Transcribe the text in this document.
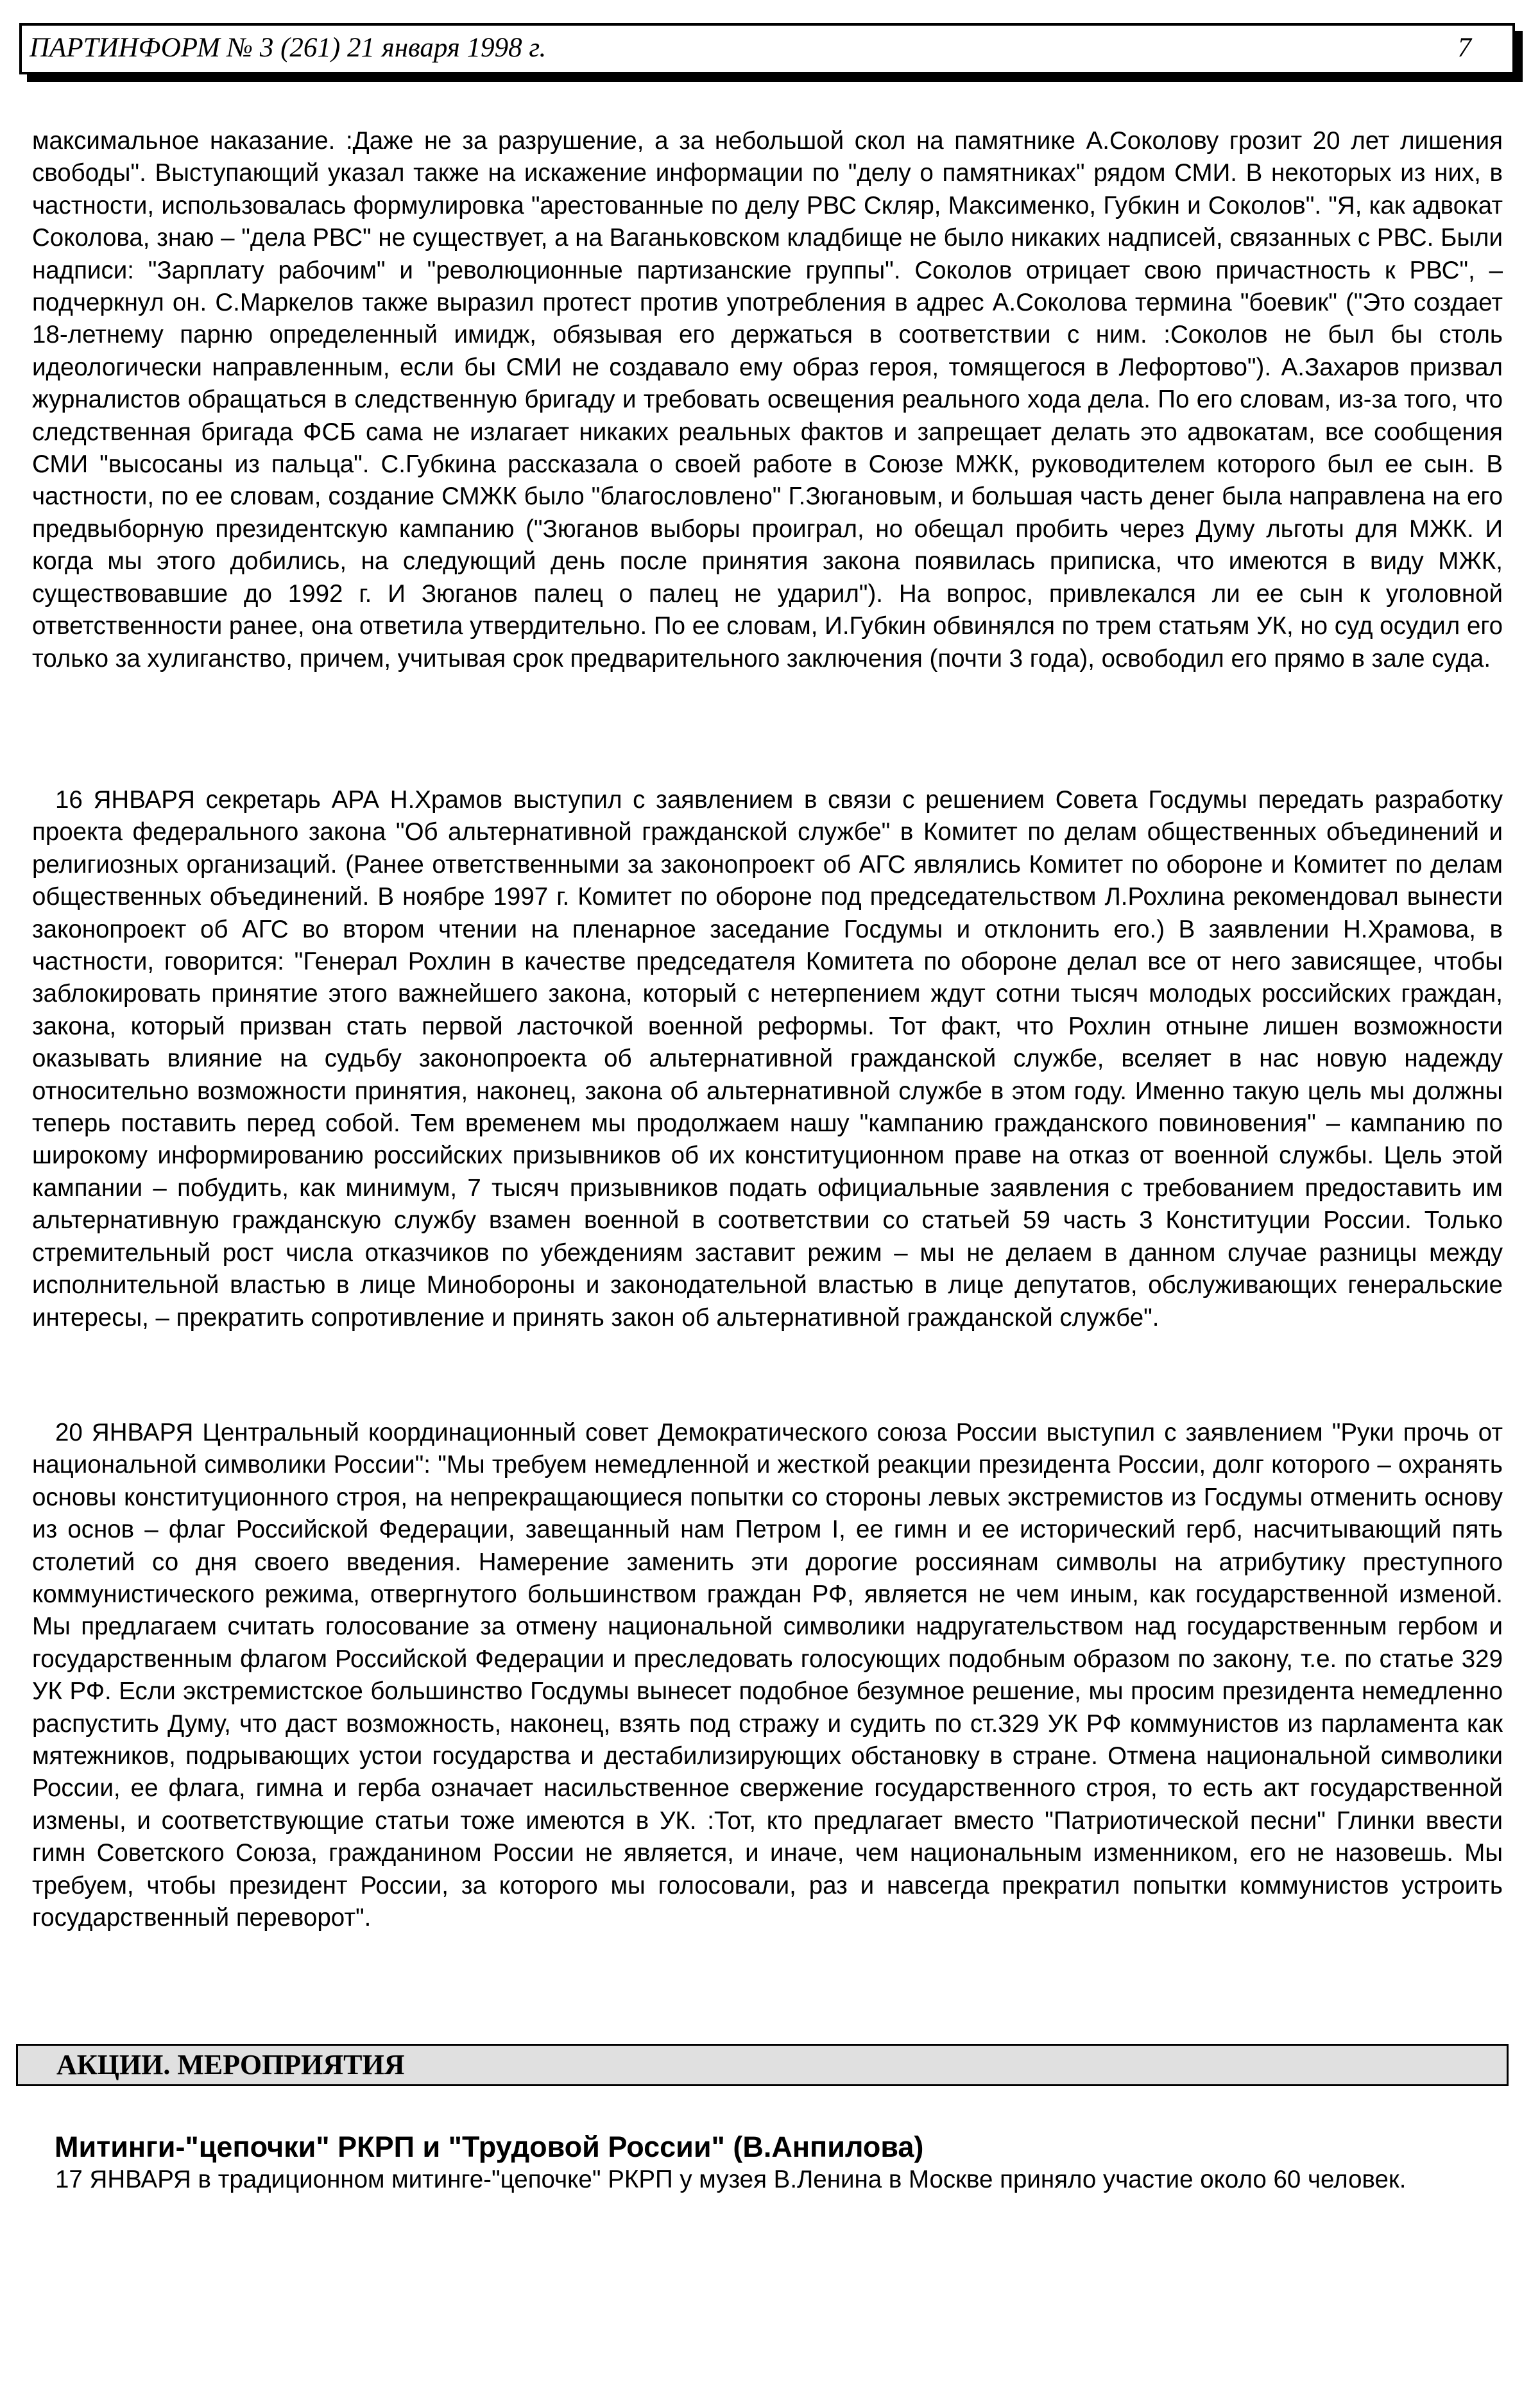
ПАРТИНФОРМ № 3 (261) 21 января 1998 г.	7

максимальное наказание. :Даже не за разрушение, а за небольшой скол на памятнике А.Соколову грозит 20 лет лишения свободы". Выступающий указал также на искажение информации по "делу о памятниках" рядом СМИ. В некоторых из них, в частности, использовалась формулировка "арестованные по делу РВС Скляр, Максименко, Губкин и Соколов". "Я, как адвокат Соколова, знаю – "дела РВС" не существует, а на Ваганьковском кладбище не было никаких надписей, связанных с РВС. Были надписи: "Зарплату рабочим" и "революционные партизанские группы". Соколов отрицает свою причастность к РВС", – подчеркнул он. С.Маркелов также выразил протест против употребления в адрес А.Соколова термина "боевик" ("Это создает 18-летнему парню определенный имидж, обязывая его держаться в соответствии с ним. :Соколов не был бы столь идеологически направленным, если бы СМИ не создавало ему образ героя, томящегося в Лефортово"). А.Захаров призвал журналистов обращаться в следственную бригаду и требовать освещения реального хода дела. По его словам, из-за того, что следственная бригада ФСБ сама не излагает никаких реальных фактов и запрещает делать это адвокатам, все сообщения СМИ "высосаны из пальца". С.Губкина рассказала о своей работе в Союзе МЖК, руководителем которого был ее сын. В частности, по ее словам, создание СМЖК было "благословлено" Г.Зюгановым, и большая часть денег была направлена на его предвыборную президентскую кампанию ("Зюганов выборы проиграл, но обещал пробить через Думу льготы для МЖК. И когда мы этого добились, на следующий день после принятия закона появилась приписка, что имеются в виду МЖК, существовавшие до 1992 г. И Зюганов палец о палец не ударил"). На вопрос, привлекался ли ее сын к уголовной ответственности ранее, она ответила утвердительно. По ее словам, И.Губкин обвинялся по трем статьям УК, но суд осудил его только за хулиганство, причем, учитывая срок предварительного заключения (почти 3 года), освободил его прямо в зале суда.

16 ЯНВАРЯ секретарь АРА Н.Храмов выступил с заявлением в связи с решением Совета Госдумы передать разработку проекта федерального закона "Об альтернативной гражданской службе" в Комитет по делам общественных объединений и религиозных организаций. (Ранее ответственными за законопроект об АГС являлись Комитет по обороне и Комитет по делам общественных объединений. В ноябре 1997 г. Комитет по обороне под председательством Л.Рохлина рекомендовал вынести законопроект об АГС во втором чтении на пленарное заседание Госдумы и отклонить его.) В заявлении Н.Храмова, в частности, говорится: "Генерал Рохлин в качестве председателя Комитета по обороне делал все от него зависящее, чтобы заблокировать принятие этого важнейшего закона, который с нетерпением ждут сотни тысяч молодых российских граждан, закона, который призван стать первой ласточкой военной реформы. Тот факт, что Рохлин отныне лишен возможности оказывать влияние на судьбу законопроекта об альтернативной гражданской службе, вселяет в нас новую надежду относительно возможности принятия, наконец, закона об альтернативной службе в этом году. Именно такую цель мы должны теперь поставить перед собой. Тем временем мы продолжаем нашу "кампанию гражданского повиновения" – кампанию по широкому информированию российских призывников об их конституционном праве на отказ от военной службы. Цель этой кампании – побудить, как минимум, 7 тысяч призывников подать официальные заявления с требованием предоставить им альтернативную гражданскую службу взамен военной в соответствии со статьей 59 часть 3 Конституции России. Только стремительный рост числа отказчиков по убеждениям заставит режим – мы не делаем в данном случае разницы между исполнительной властью в лице Минобороны и законодательной властью в лице депутатов, обслуживающих генеральские интересы, – прекратить сопротивление и принять закон об альтернативной гражданской службе".

20 ЯНВАРЯ Центральный координационный совет Демократического союза России выступил с заявлением "Руки прочь от национальной символики России": "Мы требуем немедленной и жесткой реакции президента России, долг которого – охранять основы конституционного строя, на непрекращающиеся попытки со стороны левых экстремистов из Госдумы отменить основу из основ – флаг Российской Федерации, завещанный нам Петром I, ее гимн и ее исторический герб, насчитывающий пять столетий со дня своего введения. Намерение заменить эти дорогие россиянам символы на атрибутику преступного коммунистического режима, отвергнутого большинством граждан РФ, является не чем иным, как государственной изменой. Мы предлагаем считать голосование за отмену национальной символики надругательством над государственным гербом и государственным флагом Российской Федерации и преследовать голосующих подобным образом по закону, т.е. по статье 329 УК РФ. Если экстремистское большинство Госдумы вынесет подобное безумное решение, мы просим президента немедленно распустить Думу, что даст возможность, наконец, взять под стражу и судить по ст.329 УК РФ коммунистов из парламента как мятежников, подрывающих устои государства и дестабилизирующих обстановку в стране. Отмена национальной символики России, ее флага, гимна и герба означает насильственное свержение государственного строя, то есть акт государственной измены, и соответствующие статьи тоже имеются в УК. :Тот, кто предлагает вместо "Патриотической песни" Глинки ввести гимн Советского Союза, гражданином России не является, и иначе, чем национальным изменником, его не назовешь. Мы требуем, чтобы президент России, за которого мы голосовали, раз и навсегда прекратил попытки коммунистов устроить государственный переворот".

АКЦИИ. МЕРОПРИЯТИЯ
Митинги-"цепочки" РКРП и "Трудовой России" (В.Анпилова)

17 ЯНВАРЯ в традиционном митинге-"цепочке" РКРП у музея В.Ленина в Москве приняло участие около 60 человек.
